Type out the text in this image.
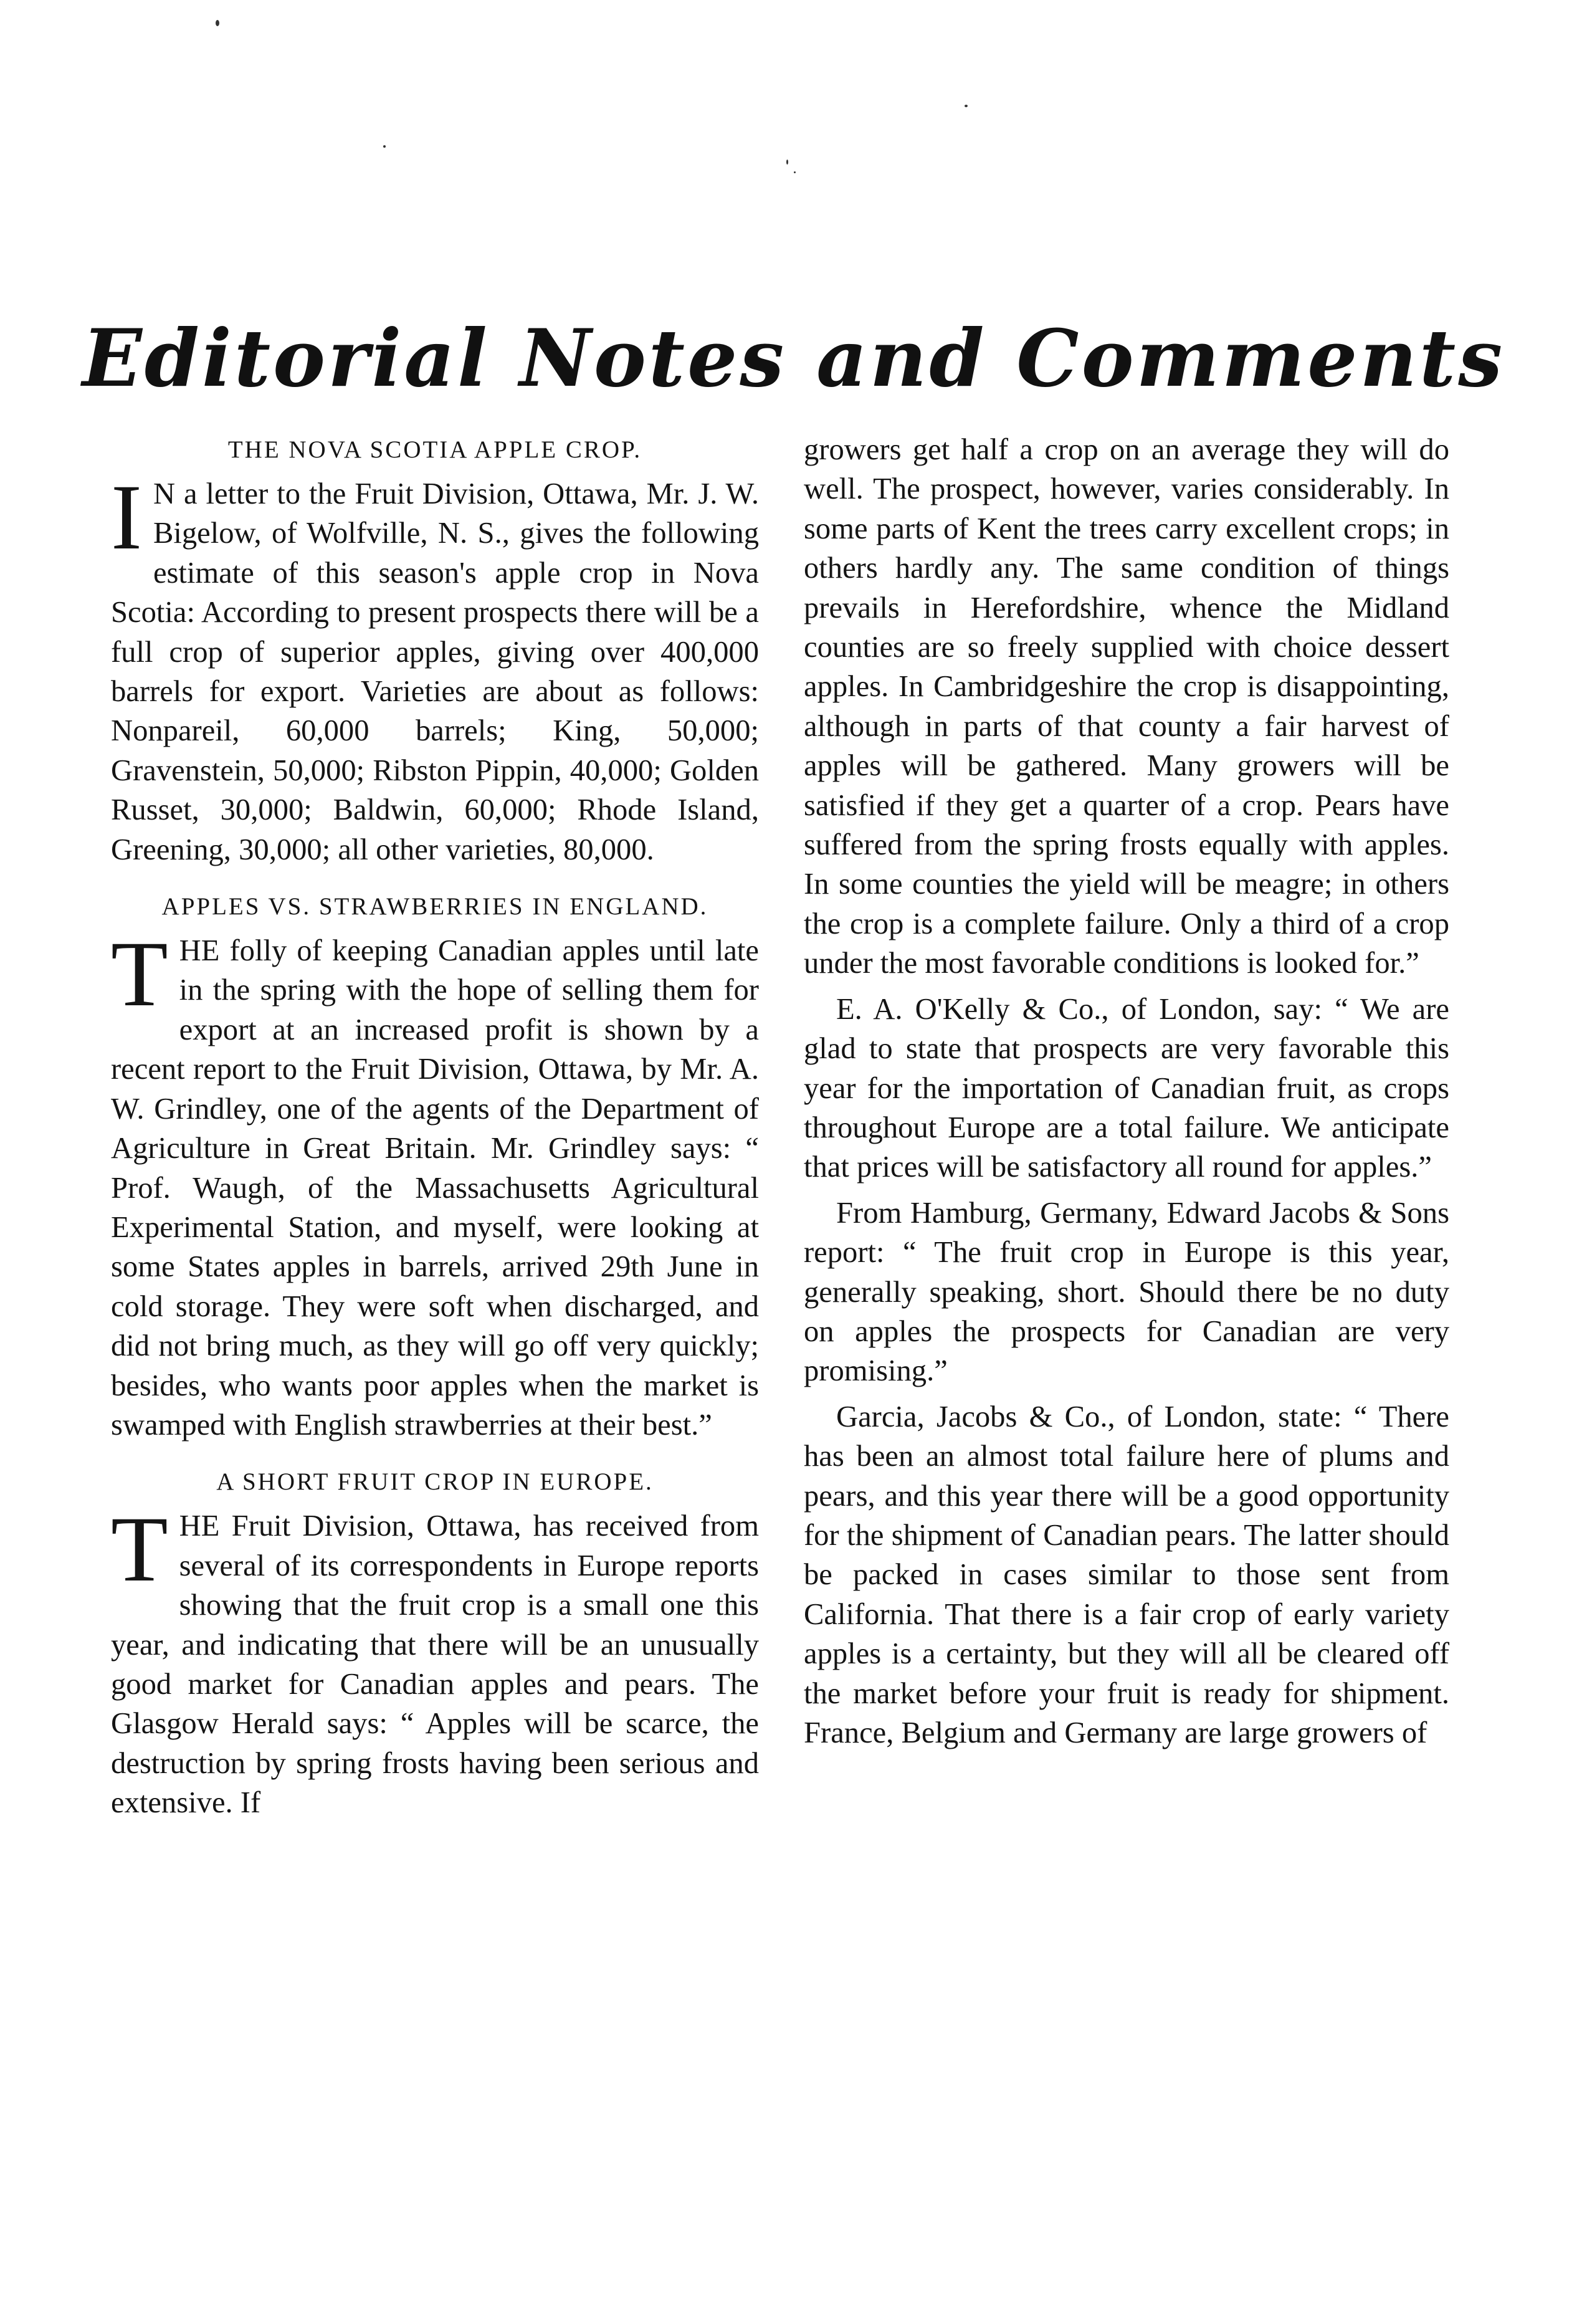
Editorial Notes and Comments
THE NOVA SCOTIA APPLE CROP.

IN a letter to the Fruit Division, Ottawa, Mr. J. W. Bigelow, of Wolfville, N. S., gives the following estimate of this season's apple crop in Nova Scotia: According to present prospects there will be a full crop of superior apples, giving over 400,000 barrels for export. Varieties are about as follows: Nonpareil, 60,000 barrels; King, 50,000; Gravenstein, 50,000; Ribston Pippin, 40,000; Golden Russet, 30,000; Baldwin, 60,000; Rhode Island, Greening, 30,000; all other varieties, 80,000.

APPLES VS. STRAWBERRIES IN ENGLAND.

THE folly of keeping Canadian apples until late in the spring with the hope of selling them for export at an increased profit is shown by a recent report to the Fruit Division, Ottawa, by Mr. A. W. Grindley, one of the agents of the Department of Agriculture in Great Britain. Mr. Grindley says: “ Prof. Waugh, of the Massachusetts Agricultural Experimental Station, and myself, were looking at some States apples in barrels, arrived 29th June in cold storage. They were soft when discharged, and did not bring much, as they will go off very quickly; besides, who wants poor apples when the market is swamped with English strawberries at their best.”

A SHORT FRUIT CROP IN EUROPE.

THE Fruit Division, Ottawa, has received from several of its correspondents in Europe reports showing that the fruit crop is a small one this year, and indicating that there will be an unusually good market for Canadian apples and pears. The Glasgow Herald says: “ Apples will be scarce, the destruction by spring frosts having been serious and extensive. If

growers get half a crop on an average they will do well. The prospect, however, varies considerably. In some parts of Kent the trees carry excellent crops; in others hardly any. The same condition of things prevails in Herefordshire, whence the Midland counties are so freely supplied with choice dessert apples. In Cambridgeshire the crop is disappointing, although in parts of that county a fair harvest of apples will be gathered. Many growers will be satisfied if they get a quarter of a crop. Pears have suffered from the spring frosts equally with apples. In some counties the yield will be meagre; in others the crop is a complete failure. Only a third of a crop under the most favorable conditions is looked for.”

E. A. O'Kelly & Co., of London, say: “ We are glad to state that prospects are very favorable this year for the importation of Canadian fruit, as crops throughout Europe are a total failure. We anticipate that prices will be satisfactory all round for apples.”

From Hamburg, Germany, Edward Jacobs & Sons report: “ The fruit crop in Europe is this year, generally speaking, short. Should there be no duty on apples the prospects for Canadian are very promising.”

Garcia, Jacobs & Co., of London, state: “ There has been an almost total failure here of plums and pears, and this year there will be a good opportunity for the shipment of Canadian pears. The latter should be packed in cases similar to those sent from California. That there is a fair crop of early variety apples is a certainty, but they will all be cleared off the market before your fruit is ready for shipment. France, Belgium and Germany are large growers of
